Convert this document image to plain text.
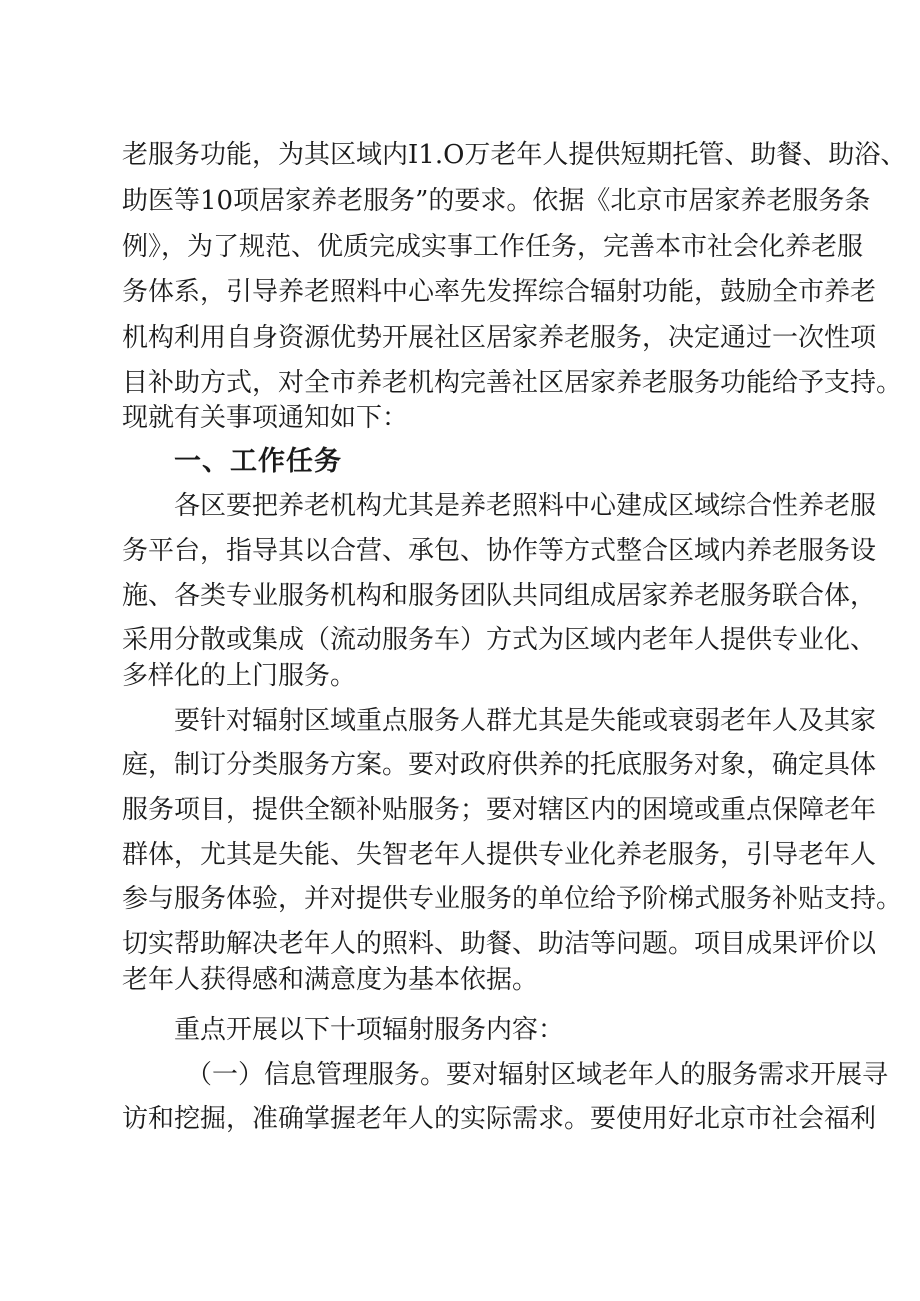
老服务功能，为其区域内I1.O万老年人提供短期托管、助餐、助浴、
助医等10项居家养老服务”的要求。依据《北京市居家养老服务条
例》，为了规范、优质完成实事工作任务，完善本市社会化养老服
务体系，引导养老照料中心率先发挥综合辐射功能，鼓励全市养老
机构利用自身资源优势开展社区居家养老服务，决定通过一次性项
目补助方式，对全市养老机构完善社区居家养老服务功能给予支持。
现就有关事项通知如下：
一、工作任务
各区要把养老机构尤其是养老照料中心建成区域综合性养老服
务平台，指导其以合营、承包、协作等方式整合区域内养老服务设
施、各类专业服务机构和服务团队共同组成居家养老服务联合体，
采用分散或集成（流动服务车）方式为区域内老年人提供专业化、
多样化的上门服务。
要针对辐射区域重点服务人群尤其是失能或衰弱老年人及其家
庭，制订分类服务方案。要对政府供养的托底服务对象，确定具体
服务项目，提供全额补贴服务；要对辖区内的困境或重点保障老年
群体，尤其是失能、失智老年人提供专业化养老服务，引导老年人
参与服务体验，并对提供专业服务的单位给予阶梯式服务补贴支持。
切实帮助解决老年人的照料、助餐、助洁等问题。项目成果评价以
老年人获得感和满意度为基本依据。
重点开展以下十项辐射服务内容：
（一）信息管理服务。要对辐射区域老年人的服务需求开展寻
访和挖掘，准确掌握老年人的实际需求。要使用好北京市社会福利
